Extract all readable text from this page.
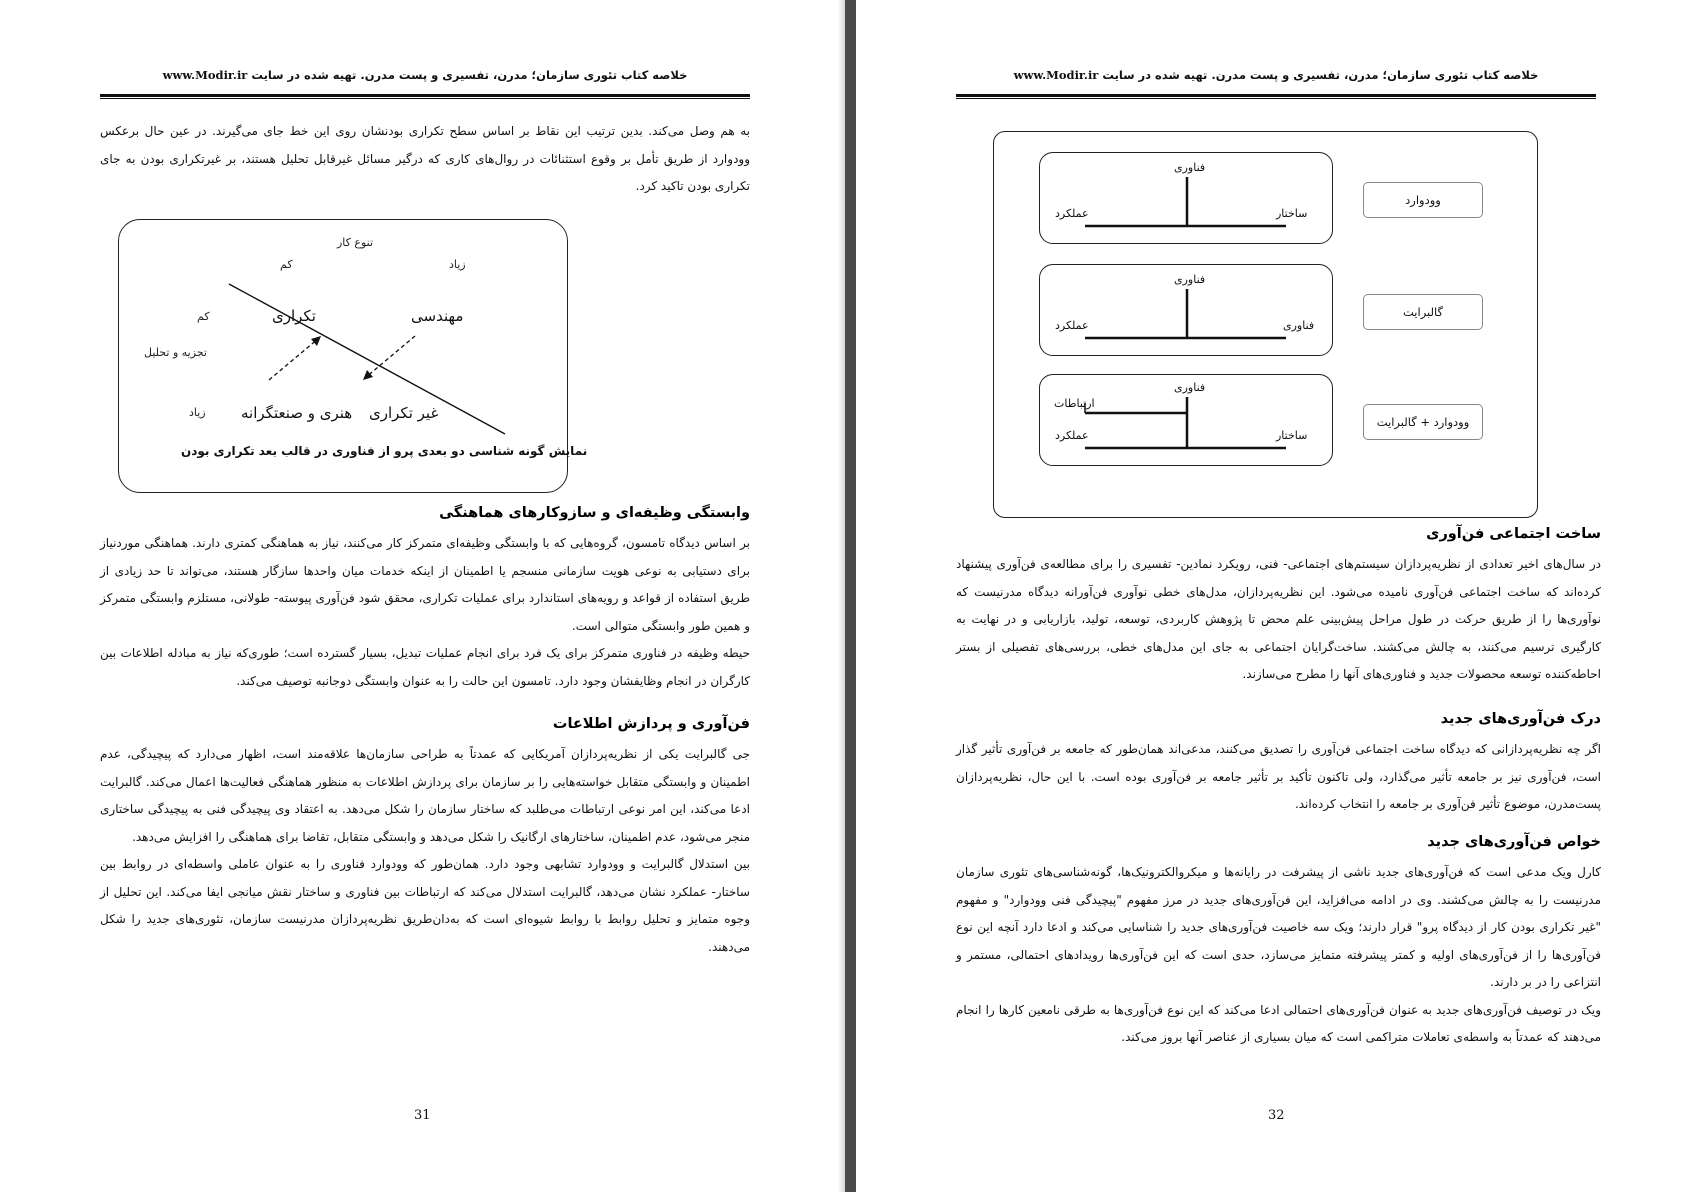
خلاصه کتاب تئوری سازمان؛ مدرن، تفسیری و پست مدرن. تهیه شده در سایت www.Modir.ir

به هم وصل می‌کند. بدین ترتیب این نقاط بر اساس سطح تکراری بودنشان روی این خط جای می‌گیرند. در عین حال برعکس وودوارد از طریق تأمل بر وقوع استثنائات در روال‌های کاری که درگیر مسائل غیرقابل تحلیل هستند، بر غیرتکراری بودن به جای تکراری بودن تاکید کرد.

تنوع کار
کم	زیاد
کم
تجزیه و تحلیل
زیاد
تکراری	مهندسی
هنری و صنعتگرانه غیر تکراری
نمایش گونه شناسی دو بعدی پرو از فناوری در قالب بعد تکراری بودن
وابستگی وظیفه‌ای و سازوکارهای هماهنگی

بر اساس دیدگاه تامسون، گروه‌هایی که با وابستگی وظیفه‌ای متمرکز کار می‌کنند، نیاز به هماهنگی کمتری دارند. هماهنگی موردنیاز برای دستیابی به نوعی هویت سازمانی منسجم یا اطمینان از اینکه خدمات میان واحدها سازگار هستند، می‌تواند تا حد زیادی از طریق استفاده از قواعد و رویه‌های استاندارد برای عملیات تکراری، محقق شود فن‌آوری پیوسته- طولانی، مستلزم وابستگی متمرکز و همین طور وابستگی متوالی است.

حیطه وظیفه در فناوری متمرکز برای یک فرد برای انجام عملیات تبدیل، بسیار گسترده است؛ طوری‌که نیاز به مبادله اطلاعات بین کارگران در انجام وظایفشان وجود دارد. تامسون این حالت را به عنوان وابستگی دوجانبه توصیف می‌کند.

فن‌آوری و پردازش اطلاعات

جی گالبرایت یکی از نظریه‌پردازان آمریکایی که عمدتاً به طراحی سازمان‌ها علاقه‌مند است، اظهار می‌دارد که پیچیدگی، عدم اطمینان و وابستگی متقابل خواسته‌هایی را بر سازمان برای پردازش اطلاعات به منظور هماهنگی فعالیت‌ها اعمال می‌کند. گالبرایت ادعا می‌کند، این امر نوعی ارتباطات می‌طلبد که ساختار سازمان را شکل می‌دهد. به اعتقاد وی پیچیدگی فنی به پیچیدگی ساختاری منجر می‌شود، عدم اطمینان، ساختارهای ارگانیک را شکل می‌دهد و وابستگی متقابل، تقاضا برای هماهنگی را افزایش می‌دهد.

بین استدلال گالبرایت و وودوارد تشابهی وجود دارد. همان‌طور که وودوارد فناوری را به عنوان عاملی واسطه‌ای در روابط بین ساختار- عملکرد نشان می‌دهد، گالبرایت استدلال می‌کند که ارتباطات بین فناوری و ساختار نقش میانجی ایفا می‌کند. این تحلیل از وجوه متمایز و تحلیل روابط با روابط شیوه‌ای است که به‌دان‌طریق نظریه‌پردازان مدرنیست سازمان، تئوری‌های جدید را شکل می‌دهند.

31
خلاصه کتاب تئوری سازمان؛ مدرن، تفسیری و پست مدرن. تهیه شده در سایت www.Modir.ir
فناوری
عملکرد	ساختار
وودوارد
فناوری
عملکرد	فناوری
گالبرایت
فناوری
ارتباطات
عملکرد	ساختار
وودوارد + گالبرایت
ساخت اجتماعی فن‌آوری

در سال‌های اخیر تعدادی از نظریه‌پردازان سیستم‌های اجتماعی- فنی، رویکرد نمادین- تفسیری را برای مطالعه‌ی فن‌آوری پیشنهاد کرده‌اند که ساخت اجتماعی فن‌آوری نامیده می‌شود. این نظریه‌پردازان، مدل‌های خطی نوآوری فن‌آورانه دیدگاه مدرنیست که نوآوری‌ها را از طریق حرکت در طول مراحل پیش‌بینی علم محض تا پژوهش کاربردی، توسعه، تولید، بازاریابی و در نهایت به کارگیری ترسیم می‌کنند، به چالش می‌کشند. ساخت‌گرایان اجتماعی به جای این مدل‌های خطی، بررسی‌های تفصیلی از بستر احاطه‌کننده توسعه محصولات جدید و فناوری‌های آنها را مطرح می‌سازند.

درک فن‌آوری‌های جدید

اگر چه نظریه‌پردازانی که دیدگاه ساخت اجتماعی فن‌آوری را تصدیق می‌کنند، مدعی‌اند همان‌طور که جامعه بر فن‌آوری تأثیر گذار است، فن‌آوری نیز بر جامعه تأثیر می‌گذارد، ولی تاکنون تأکید بر تأثیر جامعه بر فن‌آوری بوده است. با این حال، نظریه‌پردازان پست‌مدرن، موضوع تأثیر فن‌آوری بر جامعه را انتخاب کرده‌اند.

خواص فن‌آوری‌های جدید

کارل ویک مدعی است که فن‌آوری‌های جدید ناشی از پیشرفت در رایانه‌ها و میکروالکترونیک‌ها، گونه‌شناسی‌های تئوری سازمان مدرنیست را به چالش می‌کشند. وی در ادامه می‌افزاید، این فن‌آوری‌های جدید در مرز مفهوم "پیچیدگی فنی وودوارد" و مفهوم "غیر تکراری بودن کار از دیدگاه پرو" قرار دارند؛ ویک سه خاصیت فن‌آوری‌های جدید را شناسایی می‌کند و ادعا دارد آنچه این نوع فن‌آوری‌ها را از فن‌آوری‌های اولیه و کمتر پیشرفته متمایز می‌سازد، حدی است که این فن‌آوری‌ها رویدادهای احتمالی، مستمر و انتزاعی را در بر دارند.

ویک در توصیف فن‌آوری‌های جدید به عنوان فن‌آوری‌های احتمالی ادعا می‌کند که این نوع فن‌آوری‌ها به طرقی نامعین کارها را انجام می‌دهند که عمدتاً به واسطه‌ی تعاملات متراکمی است که میان بسیاری از عناصر آنها بروز می‌کند.

32
